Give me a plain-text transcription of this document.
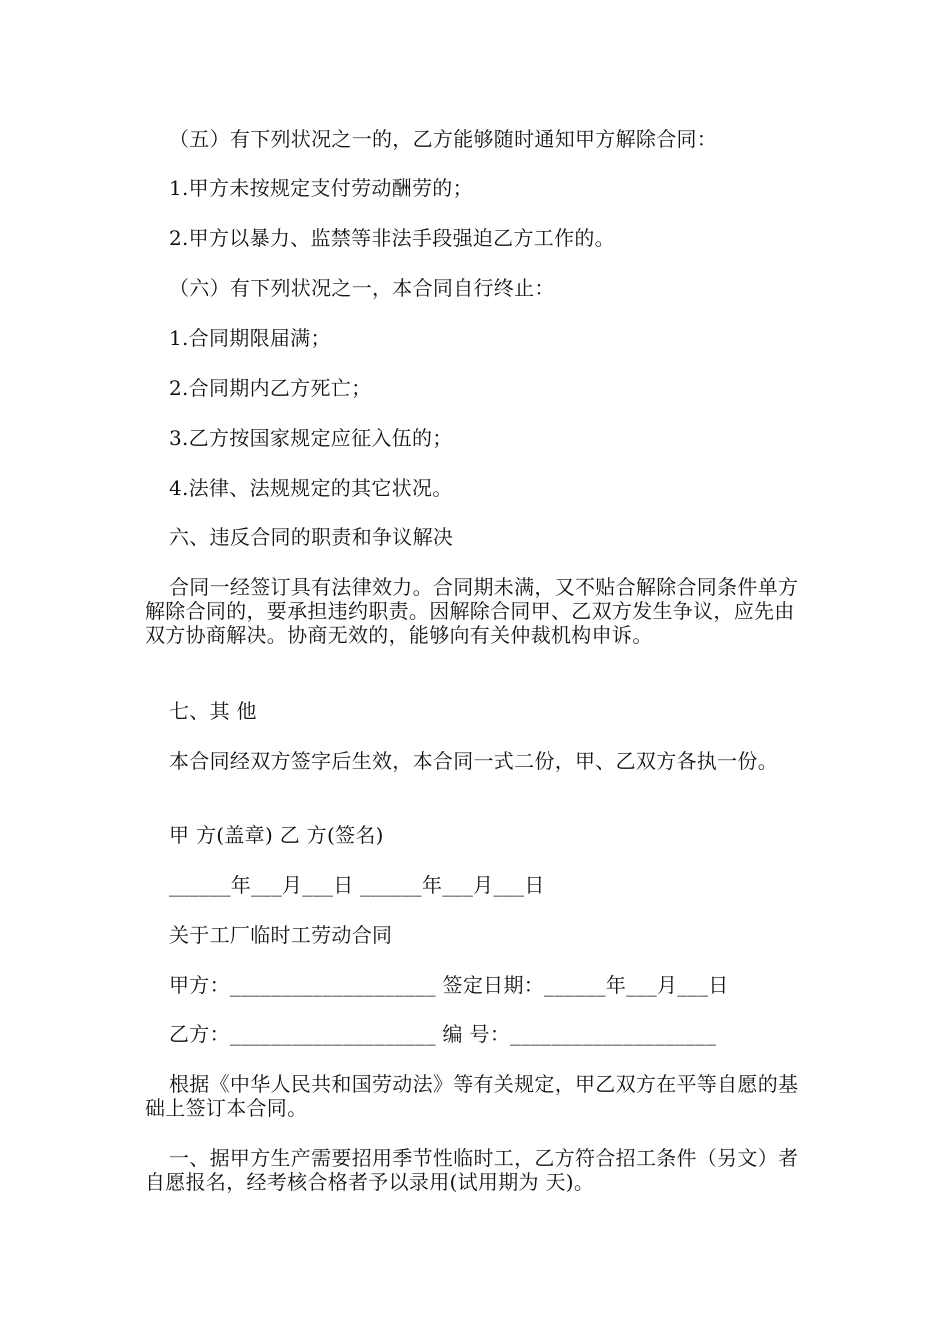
（五）有下列状况之一的，乙方能够随时通知甲方解除合同：
1.甲方未按规定支付劳动酬劳的；
2.甲方以暴力、监禁等非法手段强迫乙方工作的。
（六）有下列状况之一，本合同自行终止：
1.合同期限届满；
2.合同期内乙方死亡；
3.乙方按国家规定应征入伍的；
4.法律、法规规定的其它状况。
六、违反合同的职责和争议解决
合同一经签订具有法律效力。合同期未满，又不贴合解除合同条件单方解除合同的，要承担违约职责。因解除合同甲、乙双方发生争议，应先由双方协商解决。协商无效的，能够向有关仲裁机构申诉。
七、其 他
本合同经双方签字后生效，本合同一式二份，甲、乙双方各执一份。
甲 方(盖章) 乙 方(签名)
______年___月___日 ______年___月___日
关于工厂临时工劳动合同
甲方：____________________ 签定日期：______年___月___日
乙方：____________________ 编 号：____________________
根据《中华人民共和国劳动法》等有关规定，甲乙双方在平等自愿的基础上签订本合同。
一、据甲方生产需要招用季节性临时工，乙方符合招工条件（另文）者自愿报名，经考核合格者予以录用(试用期为 天)。
